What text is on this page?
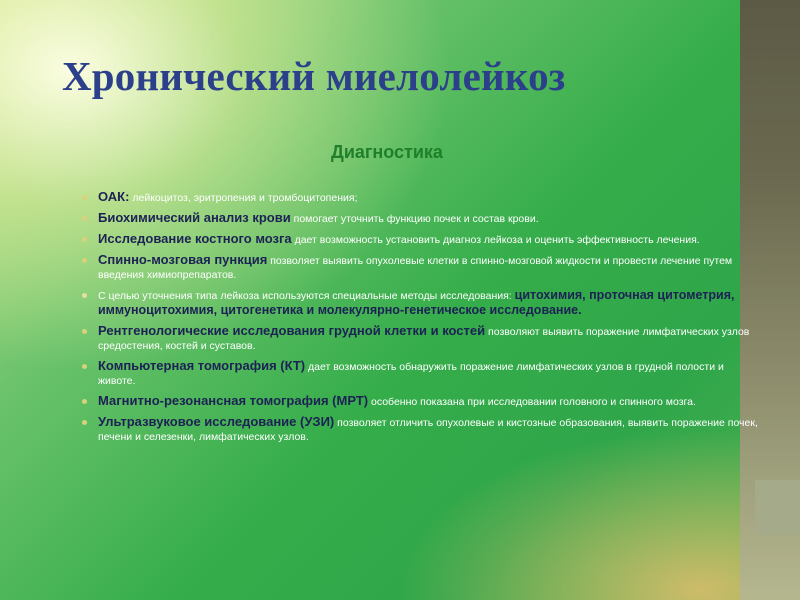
Хронический миелолейкоз
Диагностика
ОАК: лейкоцитоз, эритропения и тромбоцитопения;
Биохимический анализ крови помогает уточнить функцию почек и состав крови.
Исследование костного мозга дает возможность установить диагноз лейкоза и оценить эффективность лечения.
Спинно-мозговая пункция позволяет выявить опухолевые клетки в спинно-мозговой жидкости и провести лечение путем введения химиопрепаратов.
С целью уточнения типа лейкоза используются специальные методы исследования: цитохимия, проточная цитометрия, иммуноцитохимия, цитогенетика и молекулярно-генетическое исследование.
Рентгенологические исследования грудной клетки и костей позволяют выявить поражение лимфатических узлов средостения, костей и суставов.
Компьютерная томография (КТ) дает возможность обнаружить поражение лимфатических узлов в грудной полости и животе.
Магнитно-резонансная томография (МРТ) особенно показана при исследовании головного и спинного мозга.
Ультразвуковое исследование (УЗИ) позволяет отличить опухолевые и кистозные образования, выявить поражение почек, печени и селезенки, лимфатических узлов.
